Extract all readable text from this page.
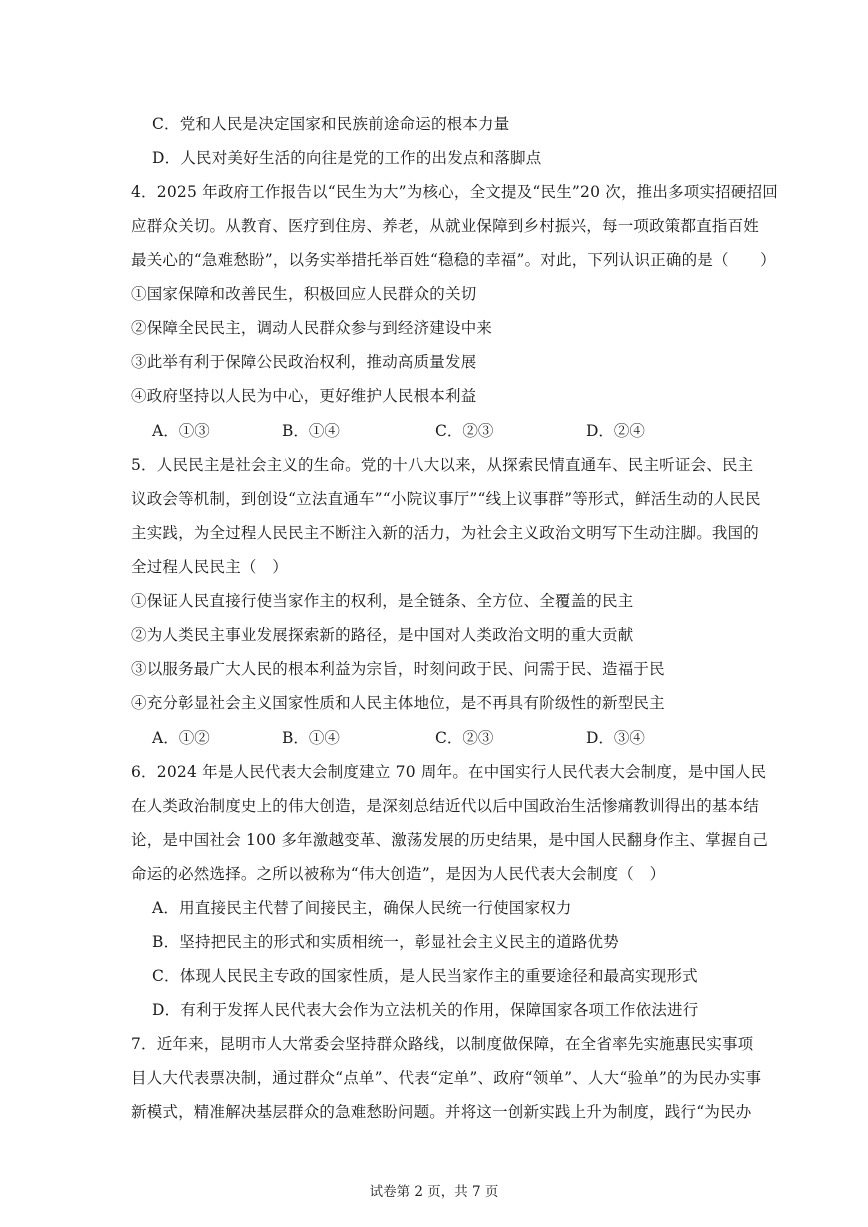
C．党和人民是决定国家和民族前途命运的根本力量
D．人民对美好生活的向往是党的工作的出发点和落脚点
4．2025 年政府工作报告以“民生为大”为核心，全文提及“民生”20 次，推出多项实招硬招回
应群众关切。从教育、医疗到住房、养老，从就业保障到乡村振兴，每一项政策都直指百姓
最关心的“急难愁盼”，以务实举措托举百姓“稳稳的幸福”。对此，下列认识正确的是（　　）
①国家保障和改善民生，积极回应人民群众的关切
②保障全民民主，调动人民群众参与到经济建设中来
③此举有利于保障公民政治权利，推动高质量发展
④政府坚持以人民为中心，更好维护人民根本利益
A．①③	B．①④	C．②③	D．②④
5．人民民主是社会主义的生命。党的十八大以来，从探索民情直通车、民主听证会、民主
议政会等机制，到创设“立法直通车”“小院议事厅”“线上议事群”等形式，鲜活生动的人民民
主实践，为全过程人民民主不断注入新的活力，为社会主义政治文明写下生动注脚。我国的
全过程人民民主（　）
①保证人民直接行使当家作主的权利，是全链条、全方位、全覆盖的民主
②为人类民主事业发展探索新的路径，是中国对人类政治文明的重大贡献
③以服务最广大人民的根本利益为宗旨，时刻问政于民、问需于民、造福于民
④充分彰显社会主义国家性质和人民主体地位，是不再具有阶级性的新型民主
A．①②	B．①④	C．②③	D．③④
6．2024 年是人民代表大会制度建立 70 周年。在中国实行人民代表大会制度，是中国人民
在人类政治制度史上的伟大创造，是深刻总结近代以后中国政治生活惨痛教训得出的基本结
论，是中国社会 100 多年激越变革、激荡发展的历史结果，是中国人民翻身作主、掌握自己
命运的必然选择。之所以被称为“伟大创造”，是因为人民代表大会制度（　）
A．用直接民主代替了间接民主，确保人民统一行使国家权力
B．坚持把民主的形式和实质相统一，彰显社会主义民主的道路优势
C．体现人民民主专政的国家性质，是人民当家作主的重要途径和最高实现形式
D．有利于发挥人民代表大会作为立法机关的作用，保障国家各项工作依法进行
7．近年来，昆明市人大常委会坚持群众路线，以制度做保障，在全省率先实施惠民实事项
目人大代表票决制，通过群众“点单”、代表“定单”、政府“领单”、人大“验单”的为民办实事
新模式，精准解决基层群众的急难愁盼问题。并将这一创新实践上升为制度，践行“为民办
试卷第 2 页，共 7 页
